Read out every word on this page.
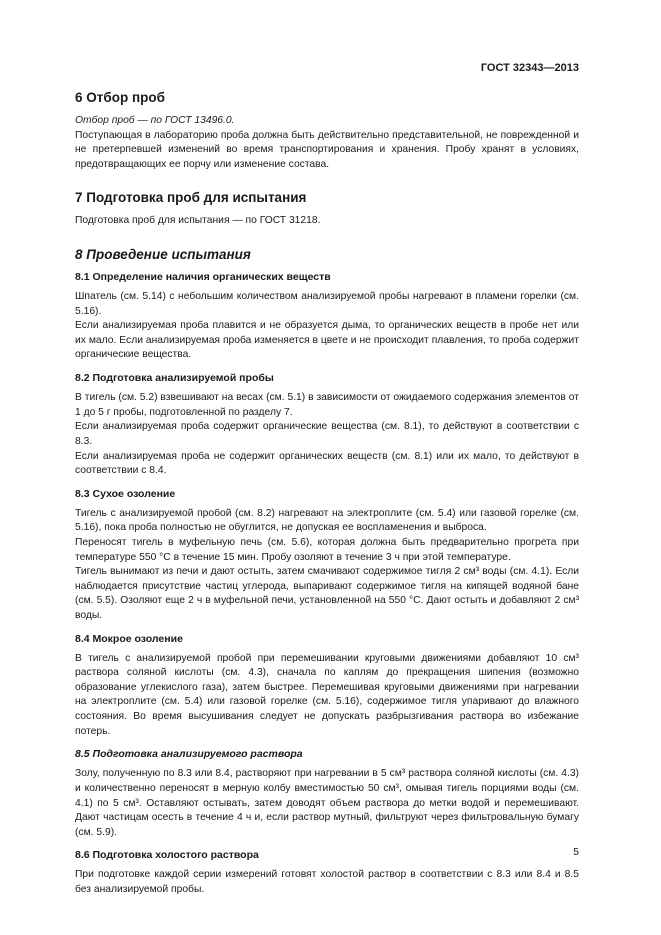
ГОСТ 32343—2013
6 Отбор проб

Отбор проб — по ГОСТ 13496.0.

Поступающая в лабораторию проба должна быть действительно представительной, не поврежденной и не претерпевшей изменений во время транспортирования и хранения. Пробу хранят в условиях, предотвращающих ее порчу или изменение состава.

7 Подготовка проб для испытания

Подготовка проб для испытания — по ГОСТ 31218.

8 Проведение испытания
8.1 Определение наличия органических веществ

Шпатель (см. 5.14) с небольшим количеством анализируемой пробы нагревают в пламени горелки (см. 5.16).

Если анализируемая проба плавится и не образуется дыма, то органических веществ в пробе нет или их мало. Если анализируемая проба изменяется в цвете и не происходит плавления, то проба содержит органические вещества.

8.2 Подготовка анализируемой пробы

В тигель (см. 5.2) взвешивают на весах (см. 5.1) в зависимости от ожидаемого содержания элементов от 1 до 5 г пробы, подготовленной по разделу 7.

Если анализируемая проба содержит органические вещества (см. 8.1), то действуют в соответствии с 8.3.

Если анализируемая проба не содержит органических веществ (см. 8.1) или их мало, то действуют в соответствии с 8.4.

8.3 Сухое озоление

Тигель с анализируемой пробой (см. 8.2) нагревают на электроплите (см. 5.4) или газовой горелке (см. 5.16), пока проба полностью не обуглится, не допуская ее воспламенения и выброса.

Переносят тигель в муфельную печь (см. 5.6), которая должна быть предварительно прогрета при температуре 550 °C в течение 15 мин. Пробу озоляют в течение 3 ч при этой температуре.

Тигель вынимают из печи и дают остыть, затем смачивают содержимое тигля 2 см³ воды (см. 4.1). Если наблюдается присутствие частиц углерода, выпаривают содержимое тигля на кипящей водяной бане (см. 5.5). Озоляют еще 2 ч в муфельной печи, установленной на 550 °C. Дают остыть и добавляют 2 см³ воды.

8.4 Мокрое озоление

В тигель с анализируемой пробой при перемешивании круговыми движениями добавляют 10 см³ раствора соляной кислоты (см. 4.3), сначала по каплям до прекращения шипения (возможно образование углекислого газа), затем быстрее. Перемешивая круговыми движениями при нагревании на электроплите (см. 5.4) или газовой горелке (см. 5.16), содержимое тигля упаривают до влажного состояния. Во время высушивания следует не допускать разбрызгивания раствора во избежание потерь.

8.5 Подготовка анализируемого раствора

Золу, полученную по 8.3 или 8.4, растворяют при нагревании в 5 см³ раствора соляной кислоты (см. 4.3) и количественно переносят в мерную колбу вместимостью 50 см³, омывая тигель порциями воды (см. 4.1) по 5 см³. Оставляют остывать, затем доводят объем раствора до метки водой и перемешивают. Дают частицам осесть в течение 4 ч и, если раствор мутный, фильтруют через фильтровальную бумагу (см. 5.9).

8.6 Подготовка холостого раствора

При подготовке каждой серии измерений готовят холостой раствор в соответствии с 8.3 или 8.4 и 8.5 без анализируемой пробы.

5
